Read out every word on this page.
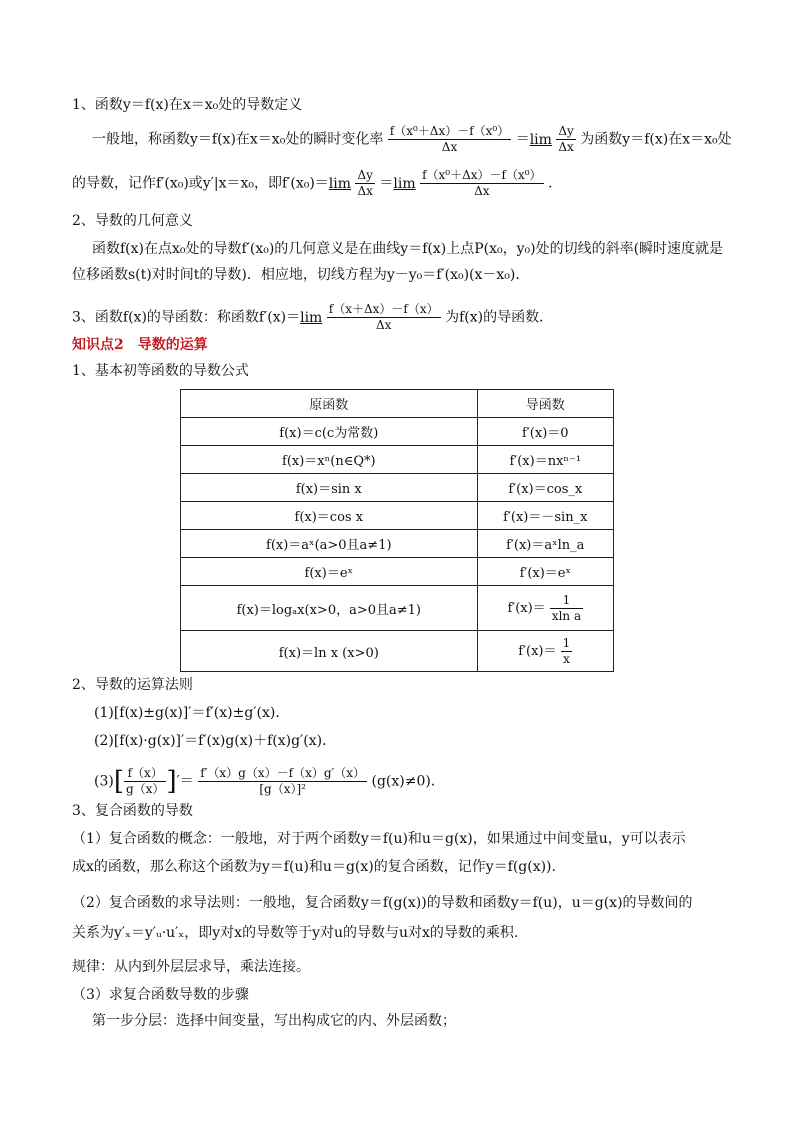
1、函数y＝f(x)在x＝x₀处的导数定义
一般地，称函数y＝f(x)在x＝x₀处的瞬时变化率 $\frac{\text{f（x⁰＋Δx）－f（x⁰）}}{\Delta x} =\lim \frac{\Delta y}{\Delta x}$ 为函数y＝f(x)在x＝x₀处
的导数，记作f′(x₀)或y′|x＝x₀，即$f'(x_0)=\lim \frac{\Delta y}{\Delta x} =\lim \frac{\text{f（x⁰＋Δx）－f（x⁰）}}{\Delta x}$ .
2、导数的几何意义
函数f(x)在点x₀处的导数f′(x₀)的几何意义是在曲线y＝f(x)上点P(x₀，y₀)处的切线的斜率(瞬时速度就是
位移函数s(t)对时间t的导数)．相应地，切线方程为y－y₀＝f′(x₀)(x－x₀)．
3、函数f(x)的导函数：称函数$f'(x)=\lim \frac{f(x+\Delta x)-f(x)}{\Delta x}$ 为f(x)的导函数．
知识点2　导数的运算
1、基本初等函数的导数公式
原函数	导函数
f(x)＝c(c为常数)	f′(x)＝0
f(x)＝xⁿ(n∈Q*)	f′(x)＝nxⁿ⁻¹
f(x)＝sin x	f′(x)＝cos_x
f(x)＝cos x	f′(x)＝－sin_x
f(x)＝aˣ(a>0且a≠1)	f′(x)＝aˣln_a
f(x)＝eˣ	f′(x)＝eˣ
f(x)＝logₐx(x>0，a>0且a≠1)	$f'(x)= \frac{1}{\text{xln a}}$

f(x)＝ln x (x>0)	$f'(x)= \frac{1}{x}$
2、导数的运算法则
(1)[f(x)±g(x)]′＝f′(x)±g′(x)．
(2)[f(x)·g(x)]′＝f′(x)g(x)＋f(x)g′(x)．
$(3)[ \frac{f(x)}{g(x)}$ ]′＝ $\frac{f'(x)g(x)-f(x)g'(x)}{\text{[g（x）]²}} (g(x)\ne 0)$．
3、复合函数的导数
（1）复合函数的概念：一般地，对于两个函数y＝f(u)和u＝g(x)，如果通过中间变量u，y可以表示
成x的函数，那么称这个函数为y＝f(u)和u＝g(x)的复合函数，记作y＝f(g(x)).
（2）复合函数的求导法则：一般地，复合函数y＝f(g(x))的导数和函数y＝f(u)，u＝g(x)的导数间的
关系为y′ₓ＝y′ᵤ·u′ₓ，即y对x的导数等于y对u的导数与u对x的导数的乘积.
规律：从内到外层层求导，乘法连接。
（3）求复合函数导数的步骤
第一步分层：选择中间变量，写出构成它的内、外层函数；
